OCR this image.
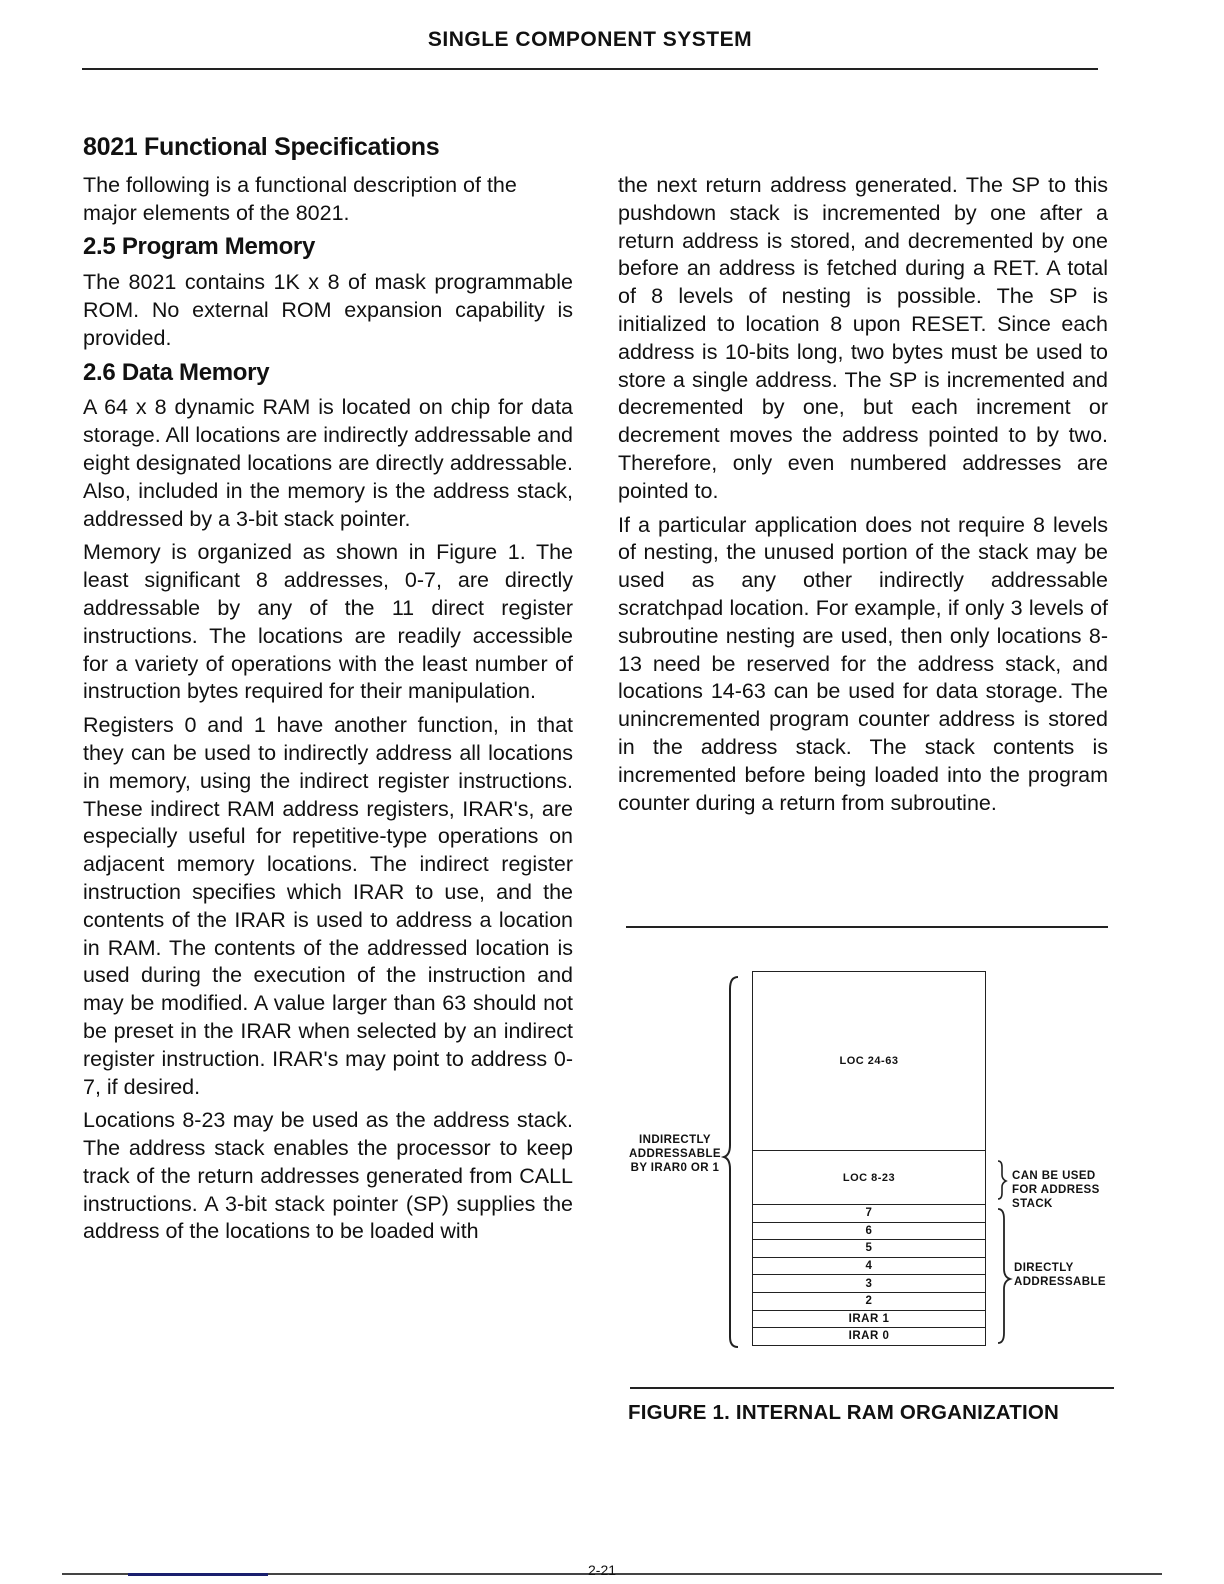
SINGLE COMPONENT SYSTEM
8021 Functional Specifications

The following is a functional description of the major elements of the 8021.

2.5 Program Memory

The 8021 contains 1K x 8 of mask programmable ROM. No external ROM expansion capability is provided.

2.6 Data Memory

A 64 x 8 dynamic RAM is located on chip for data storage. All locations are indirectly addressable and eight designated locations are directly addressable. Also, included in the memory is the address stack, addressed by a 3-bit stack pointer.

Memory is organized as shown in Figure 1. The least significant 8 addresses, 0-7, are directly addressable by any of the 11 direct register instructions. The locations are readily accessible for a variety of operations with the least number of instruction bytes required for their manipulation.

Registers 0 and 1 have another function, in that they can be used to indirectly address all locations in memory, using the indirect register instructions. These indirect RAM address registers, IRAR's, are especially useful for repetitive-type operations on adjacent memory locations. The indirect register instruction specifies which IRAR to use, and the contents of the IRAR is used to address a location in RAM. The contents of the addressed location is used during the execution of the instruction and may be modified. A value larger than 63 should not be preset in the IRAR when selected by an indirect register instruction. IRAR's may point to address 0-7, if desired.

Locations 8-23 may be used as the address stack. The address stack enables the processor to keep track of the return addresses generated from CALL instructions. A 3-bit stack pointer (SP) supplies the address of the locations to be loaded with

the next return address generated. The SP to this pushdown stack is incremented by one after a return address is stored, and decremented by one before an address is fetched during a RET. A total of 8 levels of nesting is possible. The SP is initialized to location 8 upon RESET. Since each address is 10-bits long, two bytes must be used to store a single address. The SP is incremented and decremented by one, but each increment or decrement moves the address pointed to by two. Therefore, only even numbered addresses are pointed to.

If a particular application does not require 8 levels of nesting, the unused portion of the stack may be used as any other indirectly addressable scratchpad location. For example, if only 3 levels of subroutine nesting are used, then only locations 8-13 need be reserved for the address stack, and locations 14-63 can be used for data storage. The unincremented program counter address is stored in the address stack. The stack contents is incremented before being loaded into the program counter during a return from subroutine.

LOC 24-63
LOC 8-23
7
6
5
4
3
2
IRAR 1
IRAR 0
INDIRECTLY ADDRESSABLE BY IRAR0 OR 1
CAN BE USED FOR ADDRESS STACK
DIRECTLY ADDRESSABLE
FIGURE 1. INTERNAL RAM ORGANIZATION
2-21
